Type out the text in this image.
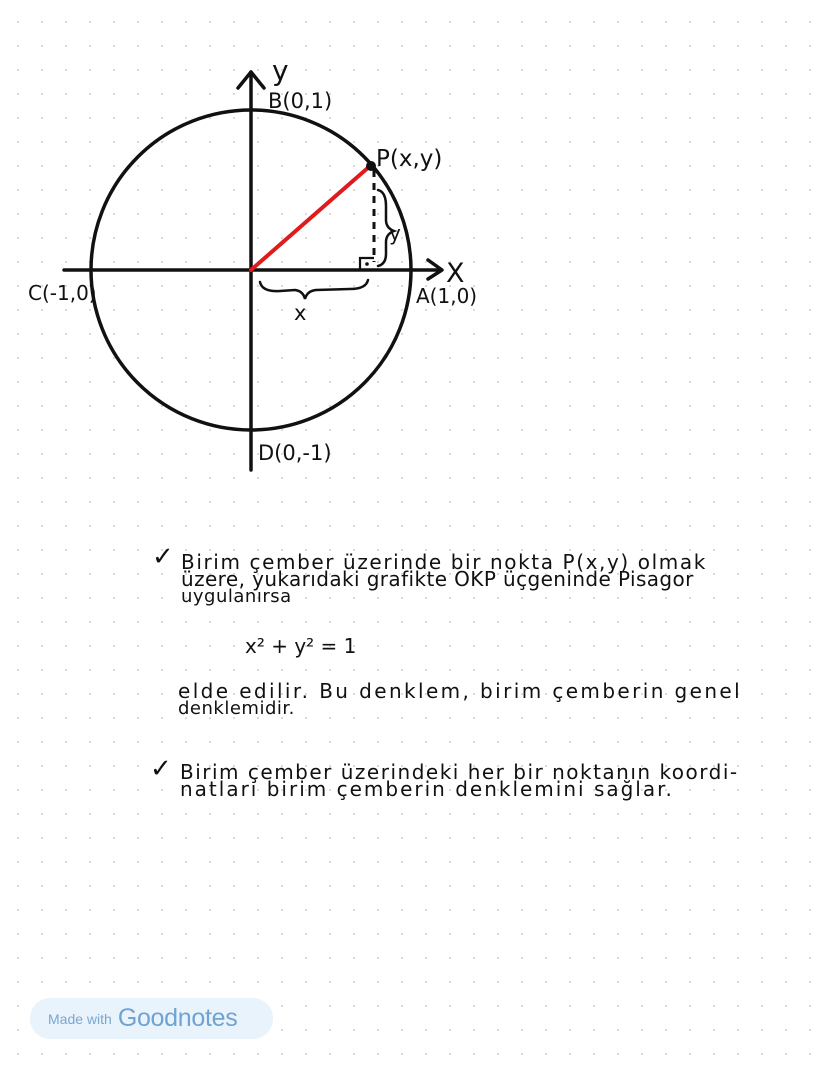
y
X
B(0,1)
P(x,y)
C(-1,0)	A(1,0)
D(0,-1)
x
y
✓ Birim çember üzerinde bir nokta P(x,y) olmak
üzere, yukarıdaki grafikte OKP üçgeninde Pisagor
uygulanırsa
x² + y² = 1
elde edilir. Bu denklem, birim çemberin genel
denklemidir.
✓ Birim çember üzerindeki her bir noktanın koordi-
natları birim çemberin denklemini sağlar.
Made with Goodnotes
